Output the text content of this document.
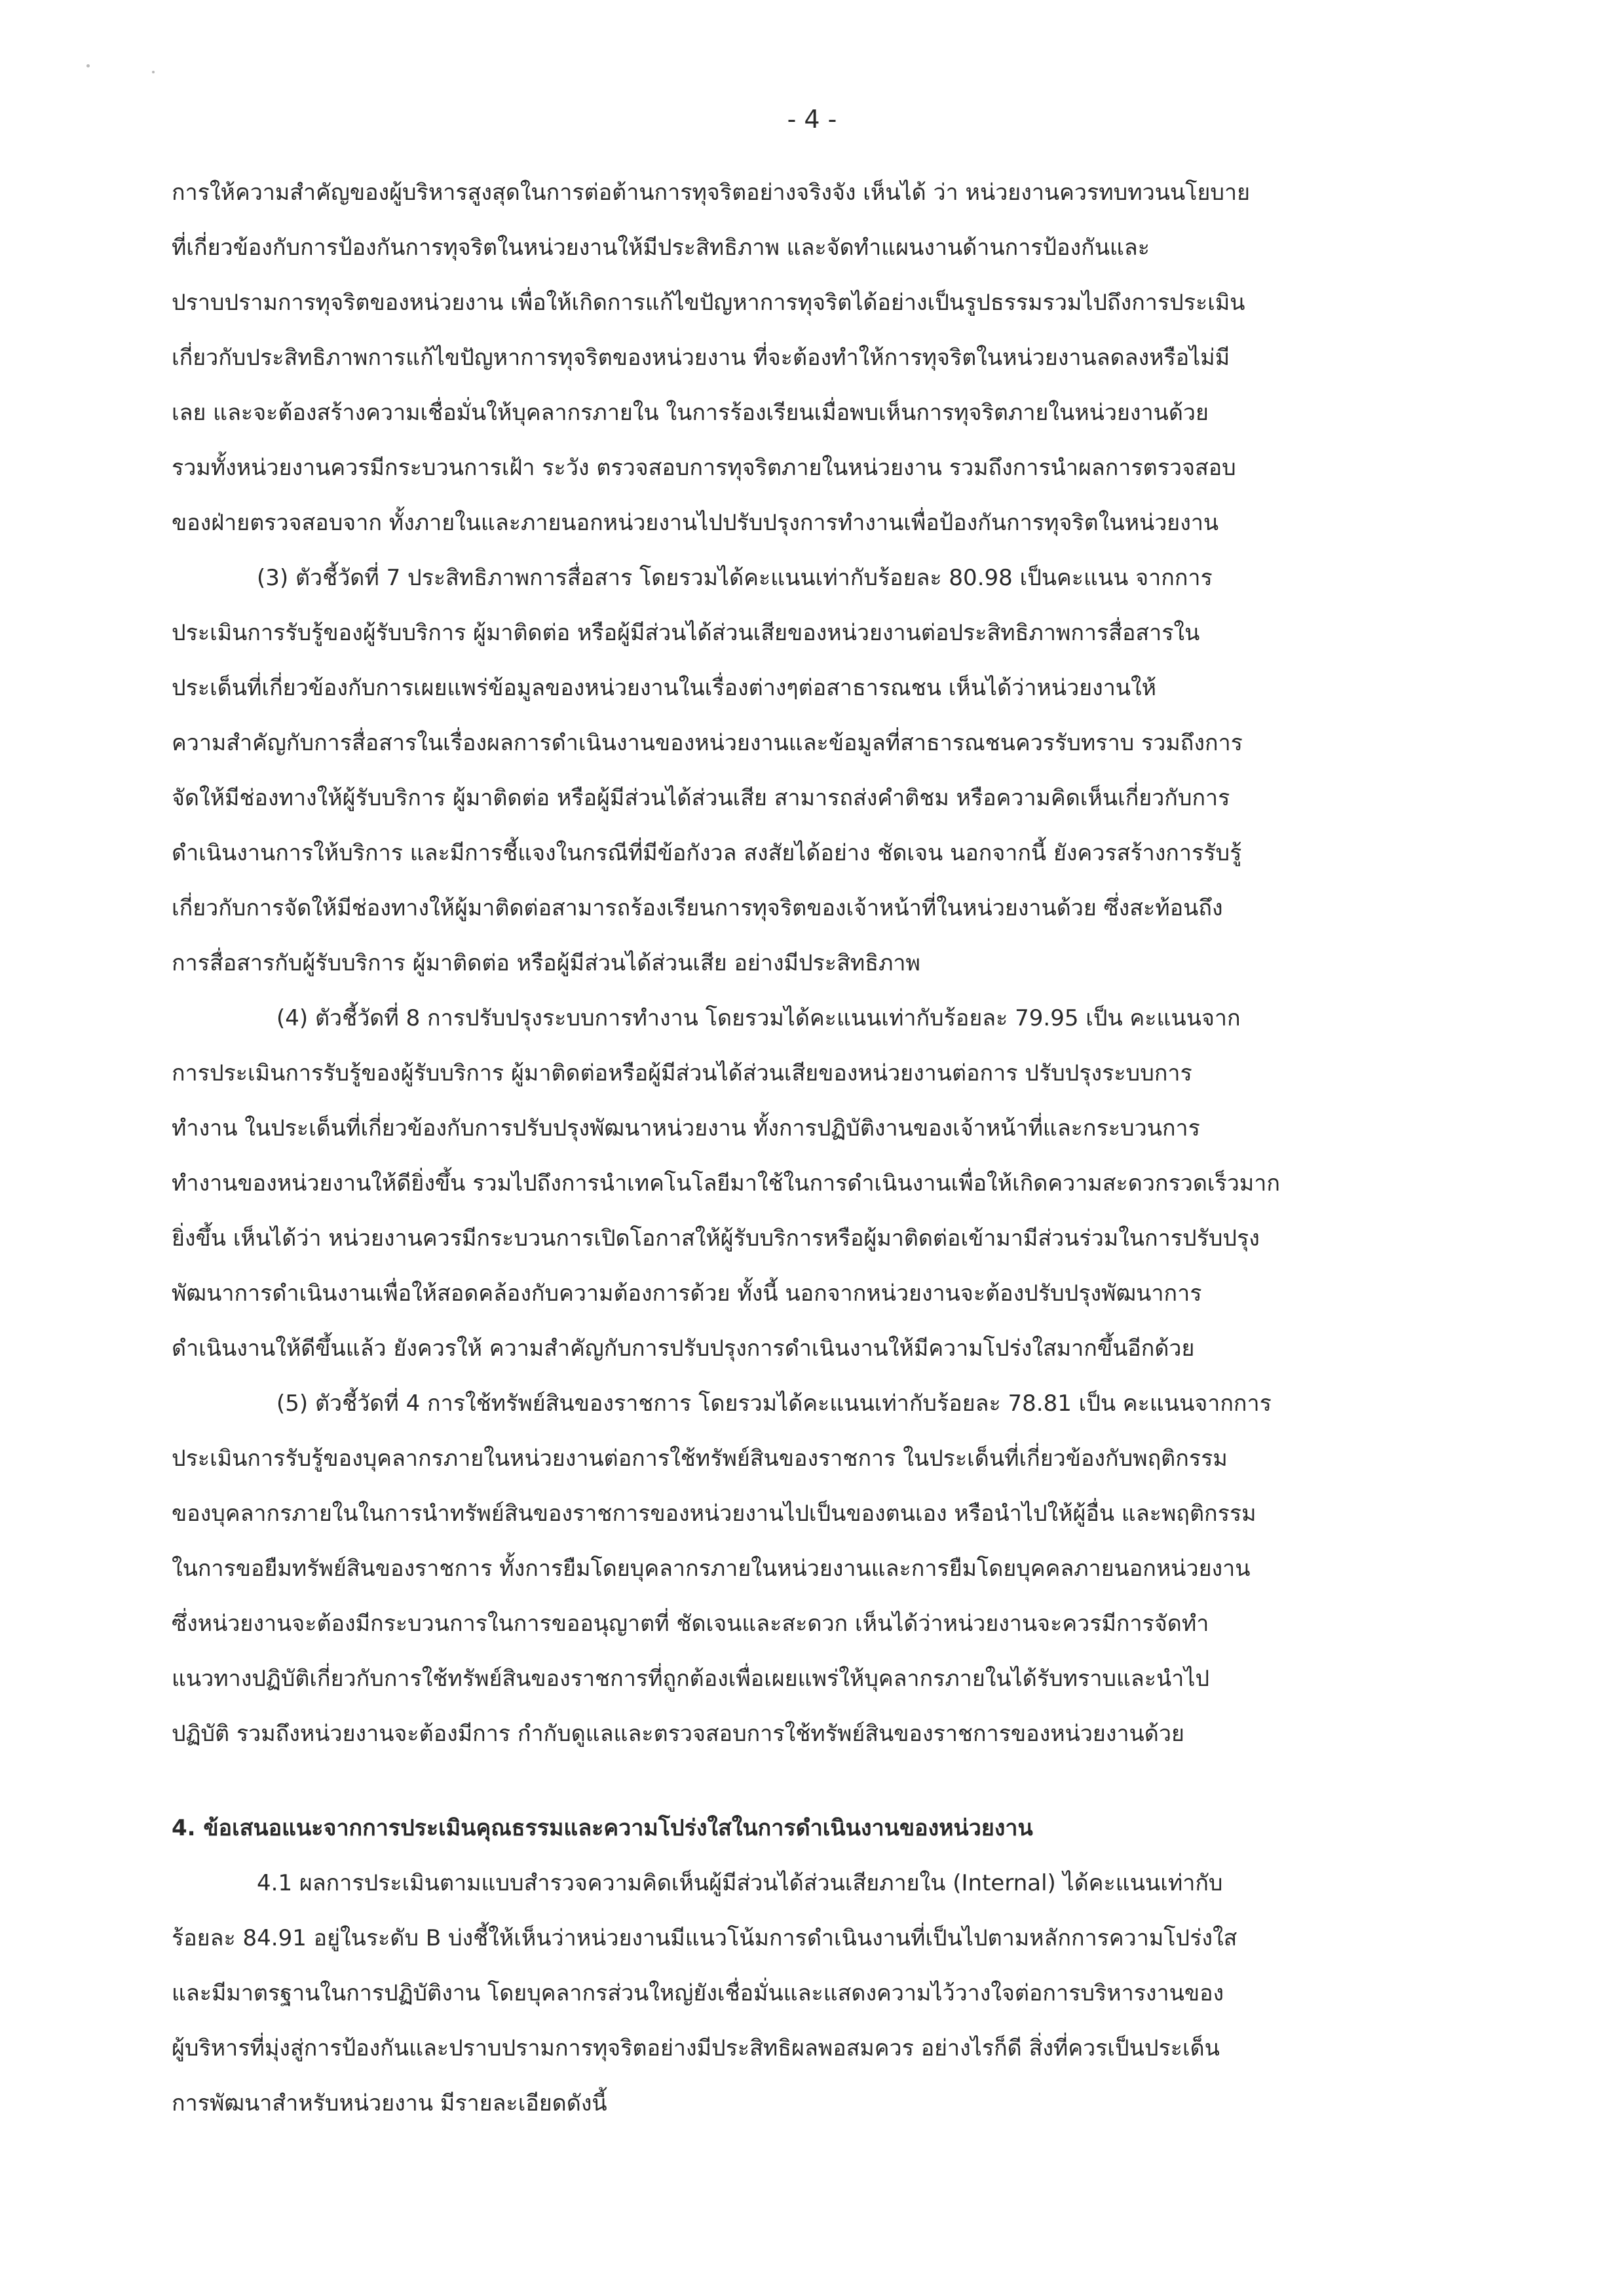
- 4 -
การให้ความสำคัญของผู้บริหารสูงสุดในการต่อต้านการทุจริตอย่างจริงจัง เห็นได้ ว่า หน่วยงานควรทบทวนนโยบาย
ที่เกี่ยวข้องกับการป้องกันการทุจริตในหน่วยงานให้มีประสิทธิภาพ และจัดทำแผนงานด้านการป้องกันและ
ปราบปรามการทุจริตของหน่วยงาน เพื่อให้เกิดการแก้ไขปัญหาการทุจริตได้อย่างเป็นรูปธรรมรวมไปถึงการประเมิน
เกี่ยวกับประสิทธิภาพการแก้ไขปัญหาการทุจริตของหน่วยงาน ที่จะต้องทำให้การทุจริตในหน่วยงานลดลงหรือไม่มี
เลย และจะต้องสร้างความเชื่อมั่นให้บุคลากรภายใน ในการร้องเรียนเมื่อพบเห็นการทุจริตภายในหน่วยงานด้วย
รวมทั้งหน่วยงานควรมีกระบวนการเฝ้า ระวัง ตรวจสอบการทุจริตภายในหน่วยงาน รวมถึงการนำผลการตรวจสอบ
ของฝ่ายตรวจสอบจาก ทั้งภายในและภายนอกหน่วยงานไปปรับปรุงการทำงานเพื่อป้องกันการทุจริตในหน่วยงาน
(3) ตัวชี้วัดที่ 7 ประสิทธิภาพการสื่อสาร โดยรวมได้คะแนนเท่ากับร้อยละ 80.98 เป็นคะแนน จากการ
ประเมินการรับรู้ของผู้รับบริการ ผู้มาติดต่อ หรือผู้มีส่วนได้ส่วนเสียของหน่วยงานต่อประสิทธิภาพการสื่อสารใน
ประเด็นที่เกี่ยวข้องกับการเผยแพร่ข้อมูลของหน่วยงานในเรื่องต่างๆต่อสาธารณชน เห็นได้ว่าหน่วยงานให้
ความสำคัญกับการสื่อสารในเรื่องผลการดำเนินงานของหน่วยงานและข้อมูลที่สาธารณชนควรรับทราบ รวมถึงการ
จัดให้มีช่องทางให้ผู้รับบริการ ผู้มาติดต่อ หรือผู้มีส่วนได้ส่วนเสีย สามารถส่งคำติชม หรือความคิดเห็นเกี่ยวกับการ
ดำเนินงานการให้บริการ และมีการชี้แจงในกรณีที่มีข้อกังวล สงสัยได้อย่าง ชัดเจน นอกจากนี้ ยังควรสร้างการรับรู้
เกี่ยวกับการจัดให้มีช่องทางให้ผู้มาติดต่อสามารถร้องเรียนการทุจริตของเจ้าหน้าที่ในหน่วยงานด้วย ซึ่งสะท้อนถึง
การสื่อสารกับผู้รับบริการ ผู้มาติดต่อ หรือผู้มีส่วนได้ส่วนเสีย อย่างมีประสิทธิภาพ
(4) ตัวชี้วัดที่ 8 การปรับปรุงระบบการทำงาน โดยรวมได้คะแนนเท่ากับร้อยละ 79.95 เป็น คะแนนจาก
การประเมินการรับรู้ของผู้รับบริการ ผู้มาติดต่อหรือผู้มีส่วนได้ส่วนเสียของหน่วยงานต่อการ ปรับปรุงระบบการ
ทำงาน ในประเด็นที่เกี่ยวข้องกับการปรับปรุงพัฒนาหน่วยงาน ทั้งการปฏิบัติงานของเจ้าหน้าที่และกระบวนการ
ทำงานของหน่วยงานให้ดียิ่งขึ้น รวมไปถึงการนำเทคโนโลยีมาใช้ในการดำเนินงานเพื่อให้เกิดความสะดวกรวดเร็วมาก
ยิ่งขึ้น เห็นได้ว่า หน่วยงานควรมีกระบวนการเปิดโอกาสให้ผู้รับบริการหรือผู้มาติดต่อเข้ามามีส่วนร่วมในการปรับปรุง
พัฒนาการดำเนินงานเพื่อให้สอดคล้องกับความต้องการด้วย ทั้งนี้ นอกจากหน่วยงานจะต้องปรับปรุงพัฒนาการ
ดำเนินงานให้ดีขึ้นแล้ว ยังควรให้ ความสำคัญกับการปรับปรุงการดำเนินงานให้มีความโปร่งใสมากขึ้นอีกด้วย
(5) ตัวชี้วัดที่ 4 การใช้ทรัพย์สินของราชการ โดยรวมได้คะแนนเท่ากับร้อยละ 78.81 เป็น คะแนนจากการ
ประเมินการรับรู้ของบุคลากรภายในหน่วยงานต่อการใช้ทรัพย์สินของราชการ ในประเด็นที่เกี่ยวข้องกับพฤติกรรม
ของบุคลากรภายในในการนำทรัพย์สินของราชการของหน่วยงานไปเป็นของตนเอง หรือนำไปให้ผู้อื่น และพฤติกรรม
ในการขอยืมทรัพย์สินของราชการ ทั้งการยืมโดยบุคลากรภายในหน่วยงานและการยืมโดยบุคคลภายนอกหน่วยงาน
ซึ่งหน่วยงานจะต้องมีกระบวนการในการขออนุญาตที่ ชัดเจนและสะดวก เห็นได้ว่าหน่วยงานจะควรมีการจัดทำ
แนวทางปฏิบัติเกี่ยวกับการใช้ทรัพย์สินของราชการที่ถูกต้องเพื่อเผยแพร่ให้บุคลากรภายในได้รับทราบและนำไป
ปฏิบัติ รวมถึงหน่วยงานจะต้องมีการ กำกับดูแลและตรวจสอบการใช้ทรัพย์สินของราชการของหน่วยงานด้วย
4. ข้อเสนอแนะจากการประเมินคุณธรรมและความโปร่งใสในการดำเนินงานของหน่วยงาน
4.1 ผลการประเมินตามแบบสำรวจความคิดเห็นผู้มีส่วนได้ส่วนเสียภายใน (Internal) ได้คะแนนเท่ากับ
ร้อยละ 84.91 อยู่ในระดับ B บ่งชี้ให้เห็นว่าหน่วยงานมีแนวโน้มการดำเนินงานที่เป็นไปตามหลักการความโปร่งใส
และมีมาตรฐานในการปฏิบัติงาน โดยบุคลากรส่วนใหญ่ยังเชื่อมั่นและแสดงความไว้วางใจต่อการบริหารงานของ
ผู้บริหารที่มุ่งสู่การป้องกันและปราบปรามการทุจริตอย่างมีประสิทธิผลพอสมควร อย่างไรก็ดี สิ่งที่ควรเป็นประเด็น
การพัฒนาสำหรับหน่วยงาน มีรายละเอียดดังนี้
